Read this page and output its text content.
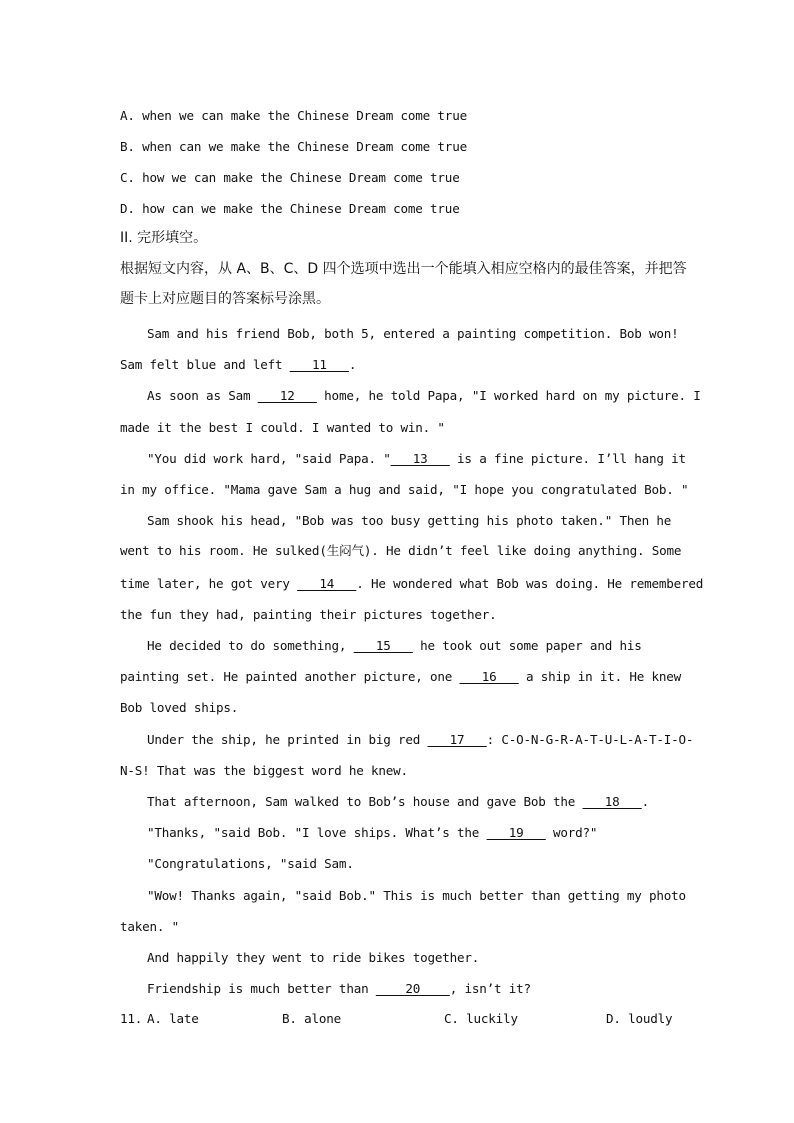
A. when we can make the Chinese Dream come true
B. when can we make the Chinese Dream come true
C. how we can make the Chinese Dream come true
D. how can we make the Chinese Dream come true
II. 完形填空。
根据短文内容，从 A、B、C、D 四个选项中选出一个能填入相应空格内的最佳答案，并把答
题卡上对应题目的答案标号涂黑。
Sam and his friend Bob, both 5, entered a painting competition. Bob won!
Sam felt blue and left ___11___.
As soon as Sam ___12___ home, he told Papa, "I worked hard on my picture. I
made it the best I could. I wanted to win. "
"You did work hard, "said Papa. "___13___ is a fine picture. I’ll hang it
in my office. "Mama gave Sam a hug and said, "I hope you congratulated Bob. "
Sam shook his head, "Bob was too busy getting his photo taken." Then he
went to his room. He sulked(生闷气). He didn’t feel like doing anything. Some
time later, he got very ___14___. He wondered what Bob was doing. He remembered
the fun they had, painting their pictures together.
He decided to do something, ___15___ he took out some paper and his
painting set. He painted another picture, one ___16___ a ship in it. He knew
Bob loved ships.
Under the ship, he printed in big red ___17___: C-O-N-G-R-A-T-U-L-A-T-I-O-
N-S! That was the biggest word he knew.
That afternoon, Sam walked to Bob’s house and gave Bob the ___18___.
"Thanks, "said Bob. "I love ships. What’s the ___19___ word?"
"Congratulations, "said Sam.
"Wow! Thanks again, "said Bob." This is much better than getting my photo
taken. "
And happily they went to ride bikes together.
Friendship is much better than ____20____, isn’t it?
11. A. late	B. alone	C. luckily	D. loudly
